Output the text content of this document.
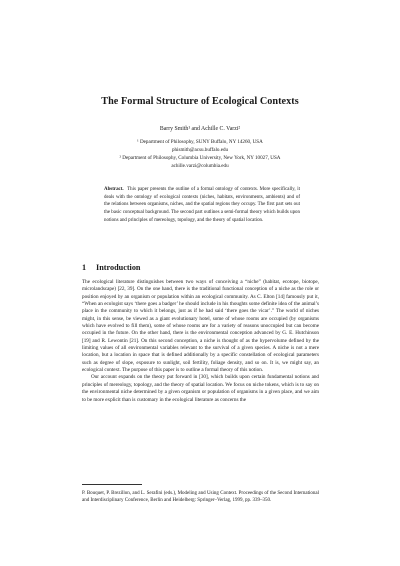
The Formal Structure of Ecological Contexts
Barry Smith¹ and Achille C. Varzi²
¹ Department of Philosophy, SUNY Buffalo, NY 14260, USA
phismith@acsu.buffalo.edu
² Department of Philosophy, Columbia University, New York, NY 10027, USA
achille.varzi@columbia.edu
Abstract. This paper presents the outline of a formal ontology of contexts. More specifically, it deals with the ontology of ecological contexts (niches, habitats, environments, ambients) and of the relations between organisms, niches, and the spatial regions they occupy. The first part sets out the basic conceptual background. The second part outlines a semi-formal theory which builds upon notions and principles of mereology, topology, and the theory of spatial location.
1 Introduction

The ecological literature distinguishes between two ways of conceiving a “niche” (habitat, ecotope, biotope, microlandscape) [22, 39]. On the one hand, there is the traditional functional conception of a niche as the role or position enjoyed by an organism or population within an ecological community. As C. Elton [14] famously put it, “When an ecologist says ‘there goes a badger’ he should include in his thoughts some definite idea of the animal’s place in the community to which it belongs, just as if he had said ‘there goes the vicar’.” The world of niches might, in this sense, be viewed as a giant evolutionary hotel, some of whose rooms are occupied (by organisms which have evolved to fill them), some of whose rooms are for a variety of reasons unoccupied but can become occupied in the future. On the other hand, there is the environmental conception advanced by G. E. Hutchinson [19] and R. Lewontin [21]. On this second conception, a niche is thought of as the hypervolume defined by the limiting values of all environmental variables relevant to the survival of a given species. A niche is not a mere location, but a location in space that is defined additionally by a specific constellation of ecological parameters such as degree of slope, exposure to sunlight, soil fertility, foliage density, and so on. It is, we might say, an ecological context. The purpose of this paper is to outline a formal theory of this notion.

Our account expands on the theory put forward in [30], which builds upon certain fundamental notions and principles of mereology, topology, and the theory of spatial location. We focus on niche tokens, which is to say on the environmental niche determined by a given organism or population of organisms in a given place, and we aim to be more explicit than is customary in the ecological literature as concerns the

P. Bouquet, P. Brezillon, and L. Serafini (eds.), Modeling and Using Context. Proceedings of the Second International and Interdisciplinary Conference, Berlin and Heidelberg: Springer–Verlag, 1999, pp. 339–350.
